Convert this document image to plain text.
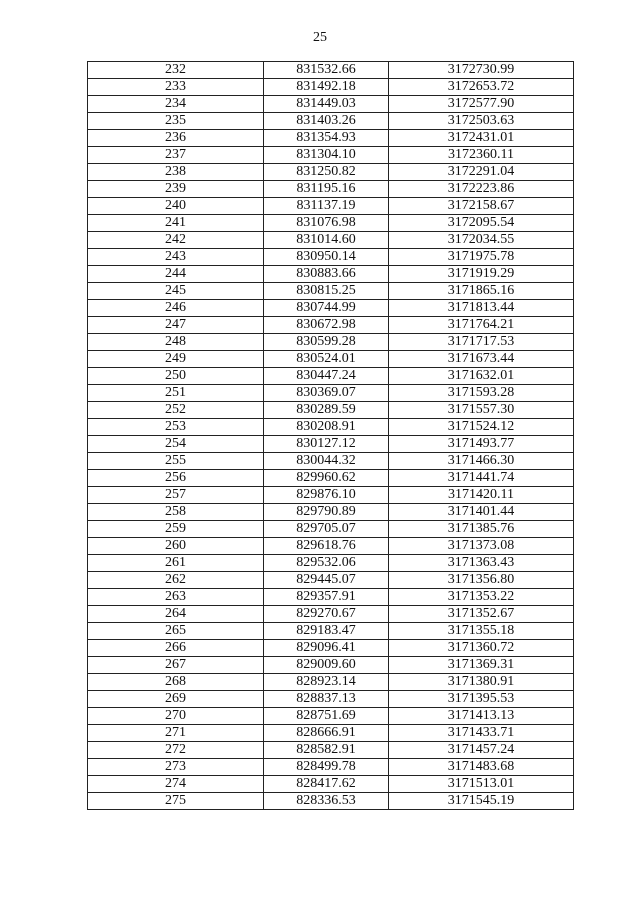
25
232	831532.66	3172730.99
233	831492.18	3172653.72
234	831449.03	3172577.90
235	831403.26	3172503.63
236	831354.93	3172431.01
237	831304.10	3172360.11
238	831250.82	3172291.04
239	831195.16	3172223.86
240	831137.19	3172158.67
241	831076.98	3172095.54
242	831014.60	3172034.55
243	830950.14	3171975.78
244	830883.66	3171919.29
245	830815.25	3171865.16
246	830744.99	3171813.44
247	830672.98	3171764.21
248	830599.28	3171717.53
249	830524.01	3171673.44
250	830447.24	3171632.01
251	830369.07	3171593.28
252	830289.59	3171557.30
253	830208.91	3171524.12
254	830127.12	3171493.77
255	830044.32	3171466.30
256	829960.62	3171441.74
257	829876.10	3171420.11
258	829790.89	3171401.44
259	829705.07	3171385.76
260	829618.76	3171373.08
261	829532.06	3171363.43
262	829445.07	3171356.80
263	829357.91	3171353.22
264	829270.67	3171352.67
265	829183.47	3171355.18
266	829096.41	3171360.72
267	829009.60	3171369.31
268	828923.14	3171380.91
269	828837.13	3171395.53
270	828751.69	3171413.13
271	828666.91	3171433.71
272	828582.91	3171457.24
273	828499.78	3171483.68
274	828417.62	3171513.01
275	828336.53	3171545.19
